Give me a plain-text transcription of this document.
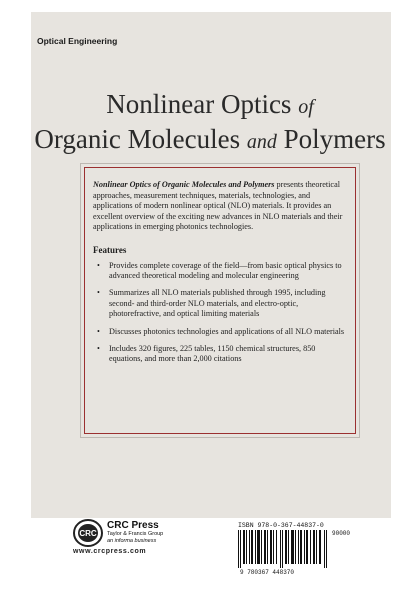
Optical Engineering
Nonlinear Optics of
Organic Molecules and Polymers
Nonlinear Optics of Organic Molecules and Polymers presents theoretical approaches, measurement techniques, materials, technologies, and applications of modern nonlinear optical (NLO) materials. It provides an excellent overview of the exciting new advances in NLO materials and their applications in emerging photonics technologies.
Features
• Provides complete coverage of the field—from basic optical physics to advanced theoretical modeling and molecular engineering
• Summarizes all NLO materials published through 1995, including second- and third-order NLO materials, and electro-optic, photorefractive, and optical limiting materials
• Discusses photonics technologies and applications of all NLO materials
• Includes 320 figures, 225 tables, 1150 chemical structures, 850 equations, and more than 2,000 citations
CRC
CRC Press
Taylor & Francis Group
an informa business
www.crcpress.com
ISBN 978-0-367-44837-0
90000
9 780367 448370
